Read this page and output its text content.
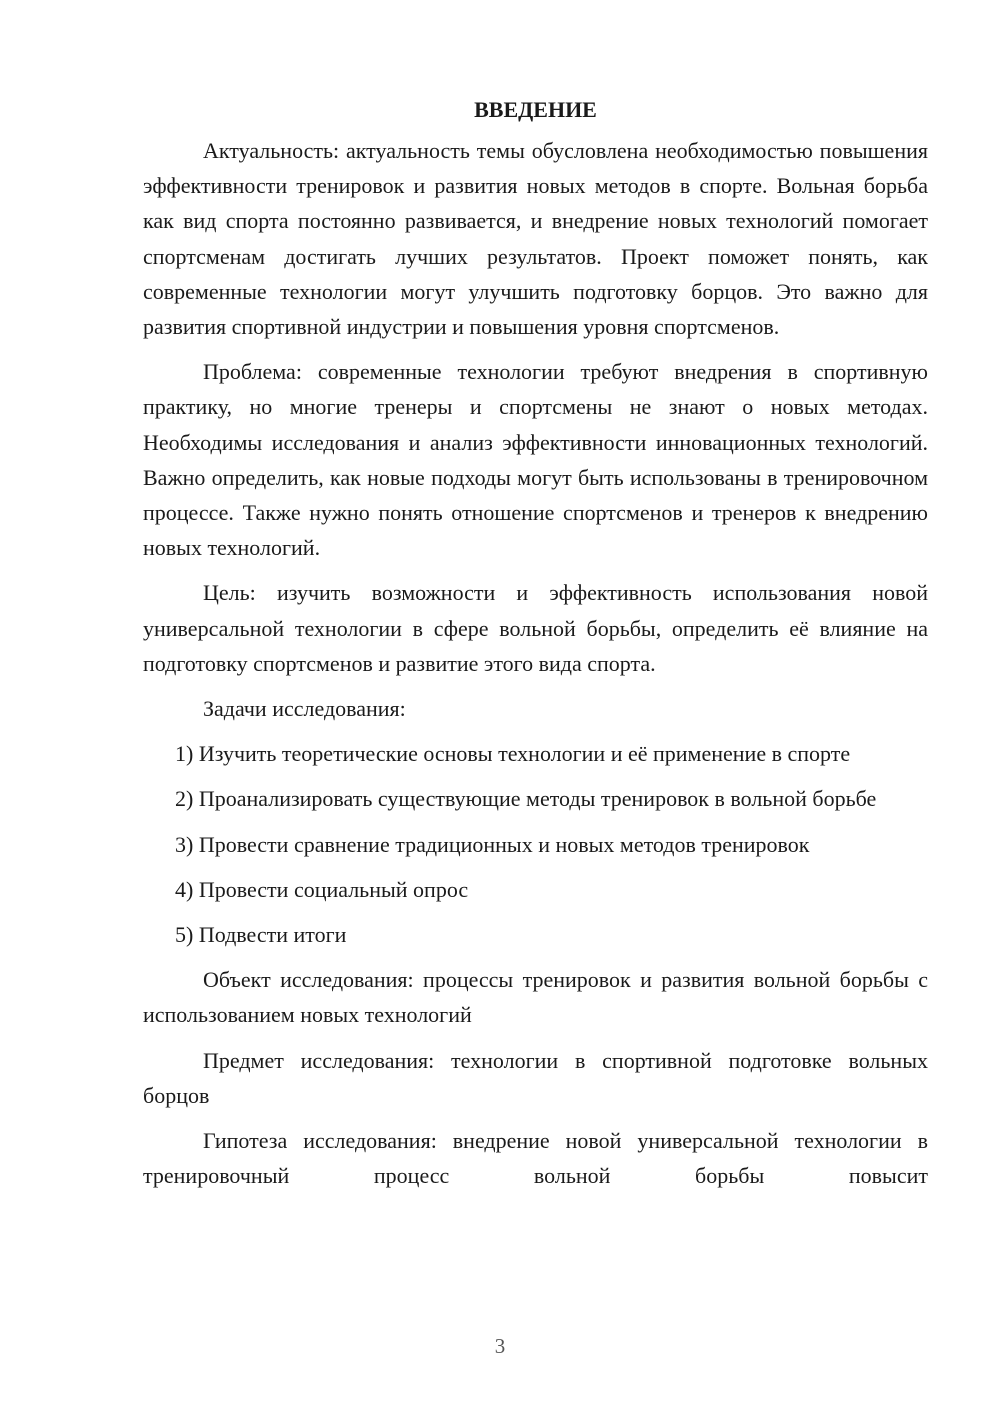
ВВЕДЕНИЕ

Актуальность: актуальность темы обусловлена необходимостью повышения эффективности тренировок и развития новых методов в спорте. Вольная борьба как вид спорта постоянно развивается, и внедрение новых технологий помогает спортсменам достигать лучших результатов. Проект поможет понять, как современные технологии могут улучшить подготовку борцов. Это важно для развития спортивной индустрии и повышения уровня спортсменов.

Проблема: современные технологии требуют внедрения в спортивную практику, но многие тренеры и спортсмены не знают о новых методах. Необходимы исследования и анализ эффективности инновационных технологий. Важно определить, как новые подходы могут быть использованы в тренировочном процессе. Также нужно понять отношение спортсменов и тренеров к внедрению новых технологий.

Цель: изучить возможности и эффективность использования новой универсальной технологии в сфере вольной борьбы, определить её влияние на подготовку спортсменов и развитие этого вида спорта.

Задачи исследования:

1) Изучить теоретические основы технологии и её применение в спорте

2) Проанализировать существующие методы тренировок в вольной борьбе

3) Провести сравнение традиционных и новых методов тренировок

4) Провести социальный опрос

5) Подвести итоги

Объект исследования: процессы тренировок и развития вольной борьбы с использованием новых технологий

Предмет исследования: технологии в спортивной подготовке вольных борцов

Гипотеза исследования: внедрение новой универсальной технологии в тренировочный процесс вольной борьбы повысит

3
